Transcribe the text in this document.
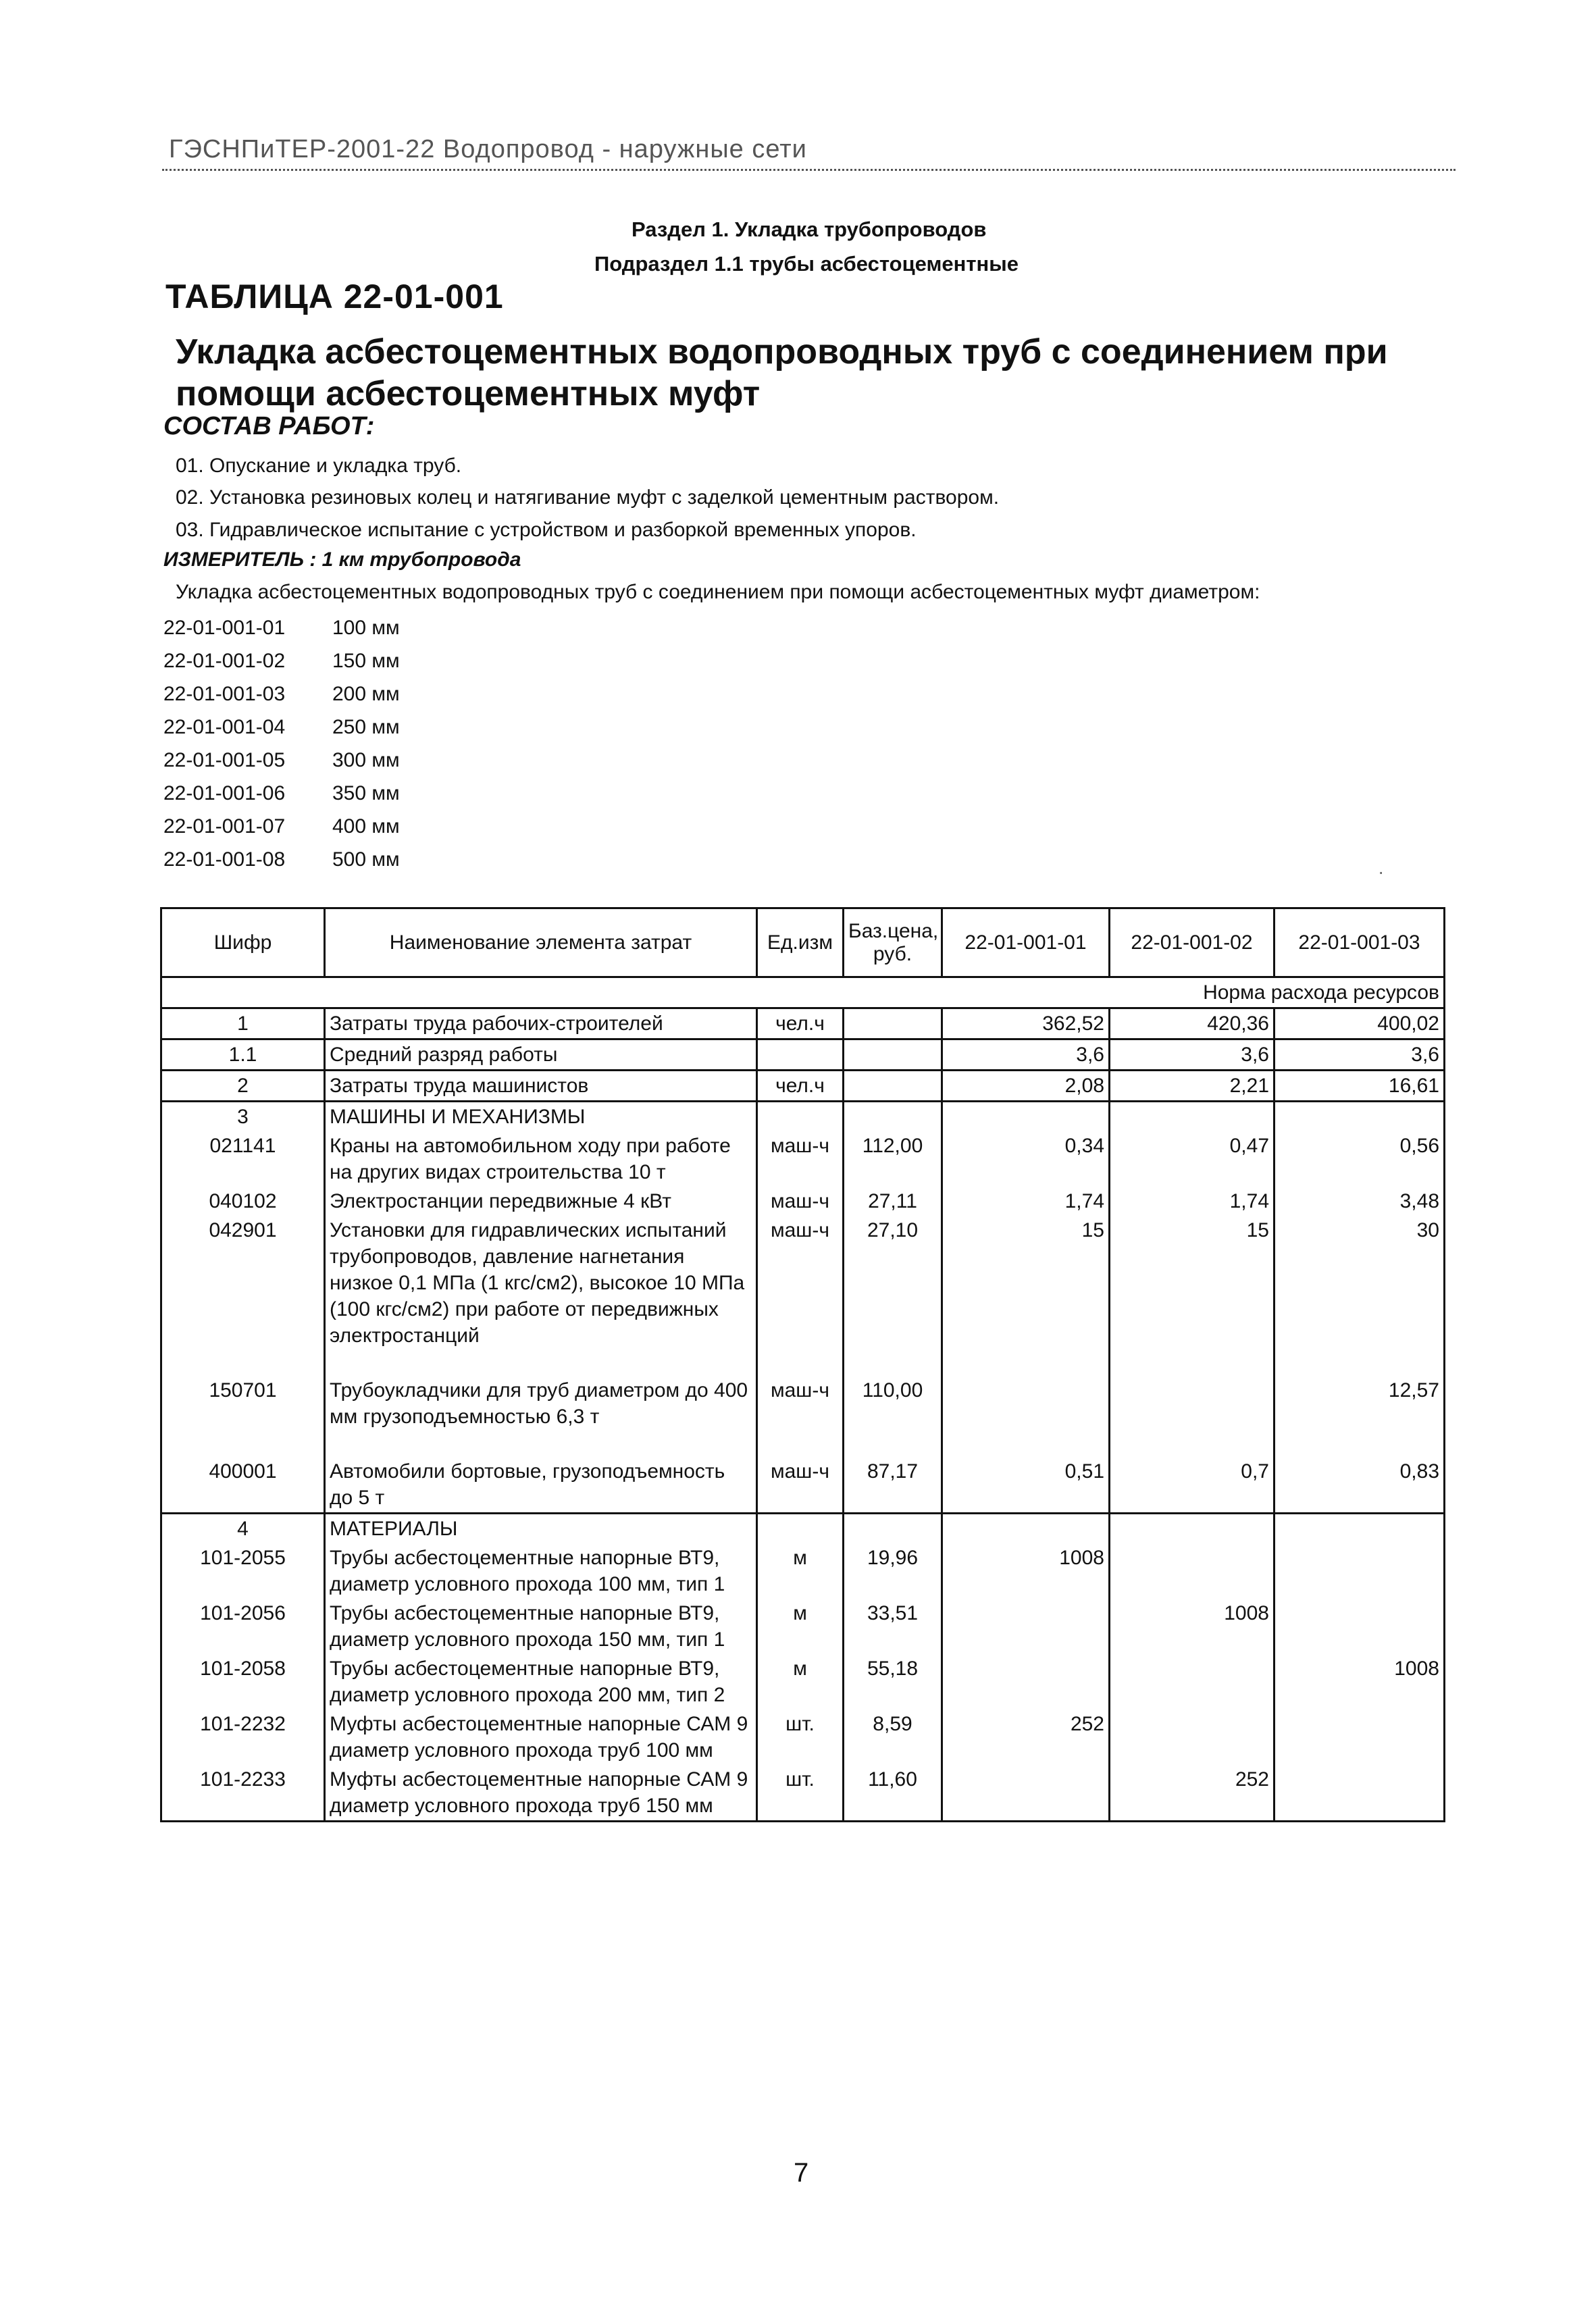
ГЭСНПиТЕР-2001-22 Водопровод - наружные сети
Раздел 1. Укладка трубопроводов
Подраздел 1.1 трубы асбестоцементные
ТАБЛИЦА 22-01-001
Укладка асбестоцементных водопроводных труб с соединением при помощи асбестоцементных муфт
СОСТАВ РАБОТ:
01. Опускание и укладка труб.
02. Установка резиновых колец и натягивание муфт с заделкой цементным раствором.
03. Гидравлическое испытание с устройством и разборкой временных упоров.
ИЗМЕРИТЕЛЬ : 1 км трубопровода
Укладка асбестоцементных водопроводных труб с соединением при помощи асбестоцементных муфт диаметром:
22-01-001-01 100 мм
22-01-001-02 150 мм
22-01-001-03 200 мм
22-01-001-04 250 мм
22-01-001-05 300 мм
22-01-001-06 350 мм
22-01-001-07 400 мм
22-01-001-08 500 мм
·
Шифр	Наименование элемента затрат	Ед.изм	Баз.цена, руб.	22-01-001-01	22-01-001-02	22-01-001-03
Норма расхода ресурсов						
1	Затраты труда рабочих-строителей	чел.ч		362,52	420,36	400,02
1.1	Средний разряд работы			3,6	3,6	3,6
2	Затраты труда машинистов	чел.ч		2,08	2,21	16,61
3	МАШИНЫ И МЕХАНИЗМЫ					
021141	Краны на автомобильном ходу при работе на других видах строительства 10 т	маш-ч	112,00	0,34	0,47	0,56
040102	Электростанции передвижные 4 кВт	маш-ч	27,11	1,74	1,74	3,48
042901	Установки для гидравлических испытаний трубопроводов, давление нагнетания низкое 0,1 МПа (1 кгс/см2), высокое 10 МПа (100 кгс/см2) при работе от передвижных электростанций	маш-ч	27,10	15	15	30
150701	Трубоукладчики для труб диаметром до 400 мм грузоподъемностью 6,3 т	маш-ч	110,00			12,57
400001	Автомобили бортовые, грузоподъемность до 5 т	маш-ч	87,17	0,51	0,7	0,83
4	МАТЕРИАЛЫ					
101-2055	Трубы асбестоцементные напорные ВТ9, диаметр условного прохода 100 мм, тип 1	м	19,96	1008		
101-2056	Трубы асбестоцементные напорные ВТ9, диаметр условного прохода 150 мм, тип 1	м	33,51		1008	
101-2058	Трубы асбестоцементные напорные ВТ9, диаметр условного прохода 200 мм, тип 2	м	55,18			1008
101-2232	Муфты асбестоцементные напорные САМ 9 диаметр условного прохода труб 100 мм	шт.	8,59	252		
101-2233	Муфты асбестоцементные напорные САМ 9 диаметр условного прохода труб 150 мм	шт.	11,60		252	
7
